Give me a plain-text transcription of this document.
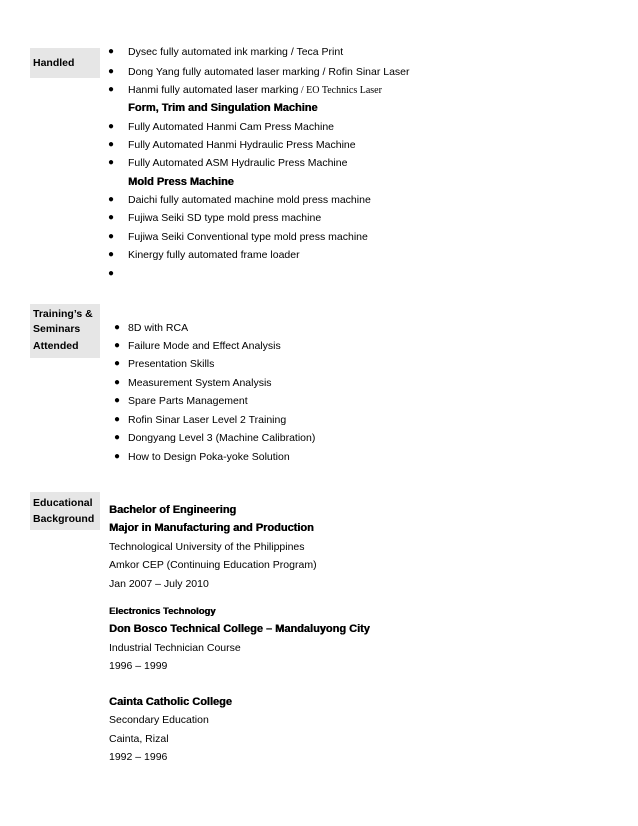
Handled
● Dysec fully automated ink marking / Teca Print
● Dong Yang fully automated laser marking / Rofin Sinar Laser
● Hanmi fully automated laser marking / EO Technics Laser
Form, Trim and Singulation Machine
● Fully Automated Hanmi Cam Press Machine
● Fully Automated Hanmi Hydraulic Press Machine
● Fully Automated ASM Hydraulic Press Machine
Mold Press Machine
● Daichi fully automated machine mold press machine
● Fujiwa Seiki SD type mold press machine
● Fujiwa Seiki Conventional type mold press machine
● Kinergy fully automated frame loader
●
Training’s &
Seminars
Attended
● 8D with RCA
● Failure Mode and Effect Analysis
● Presentation Skills
● Measurement System Analysis
● Spare Parts Management
● Rofin Sinar Laser Level 2 Training
● Dongyang Level 3 (Machine Calibration)
● How to Design Poka-yoke Solution
Educational
Background
Bachelor of Engineering
Major in Manufacturing and Production
Technological University of the Philippines
Amkor CEP (Continuing Education Program)
Jan 2007 – July 2010
Electronics Technology
Don Bosco Technical College – Mandaluyong City
Industrial Technician Course
1996 – 1999
Cainta Catholic College
Secondary Education
Cainta, Rizal
1992 – 1996
